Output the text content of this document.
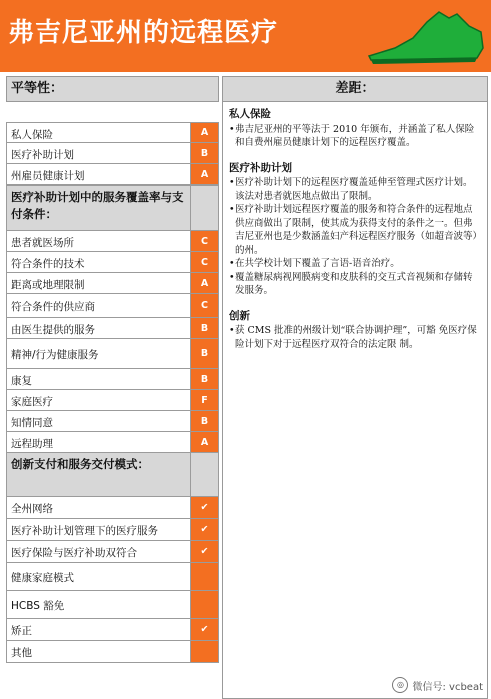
弗吉尼亚州的远程医疗
平等性：
私人保险	A
医疗补助计划	B
州雇员健康计划	A
医疗补助计划中的服务覆盖率与支付条件：
患者就医场所	C
符合条件的技术	C
距离或地理限制	A
符合条件的供应商	C
由医生提供的服务	B
精神/行为健康服务	B
康复	B
家庭医疗	F
知情同意	B
远程助理	A
创新支付和服务交付模式：
全州网络	✔
医疗补助计划管理下的医疗服务	✔
医疗保险与医疗补助双符合	✔
健康家庭模式
HCBS 豁免
矫正	✔
其他
差距：
私人保险
• 弗吉尼亚州的平等法于 2010 年颁布，并涵盖了私人保险和自费州雇员健康计划下的远程医疗覆盖。
医疗补助计划
• 医疗补助计划下的远程医疗覆盖延伸至管理式医疗计划。该法对患者就医地点做出了限制。
• 医疗补助计划远程医疗覆盖的服务和符合条件的远程地点供应商做出了限制，使其成为获得支付的条件之一。但弗吉尼亚州也是少数涵盖妇产科远程医疗服务（如超音波等）的州。
• 在共学校计划下覆盖了言语-语音治疗。
• 覆盖糖尿病视网膜病变和皮肤科的交互式音视频和存储转发服务。
创新
• 获 CMS 批准的州级计划“联合协调护理”，可豁 免医疗保险计划下对于远程医疗双符合的法定限 制。
◎ 微信号: vcbeat
